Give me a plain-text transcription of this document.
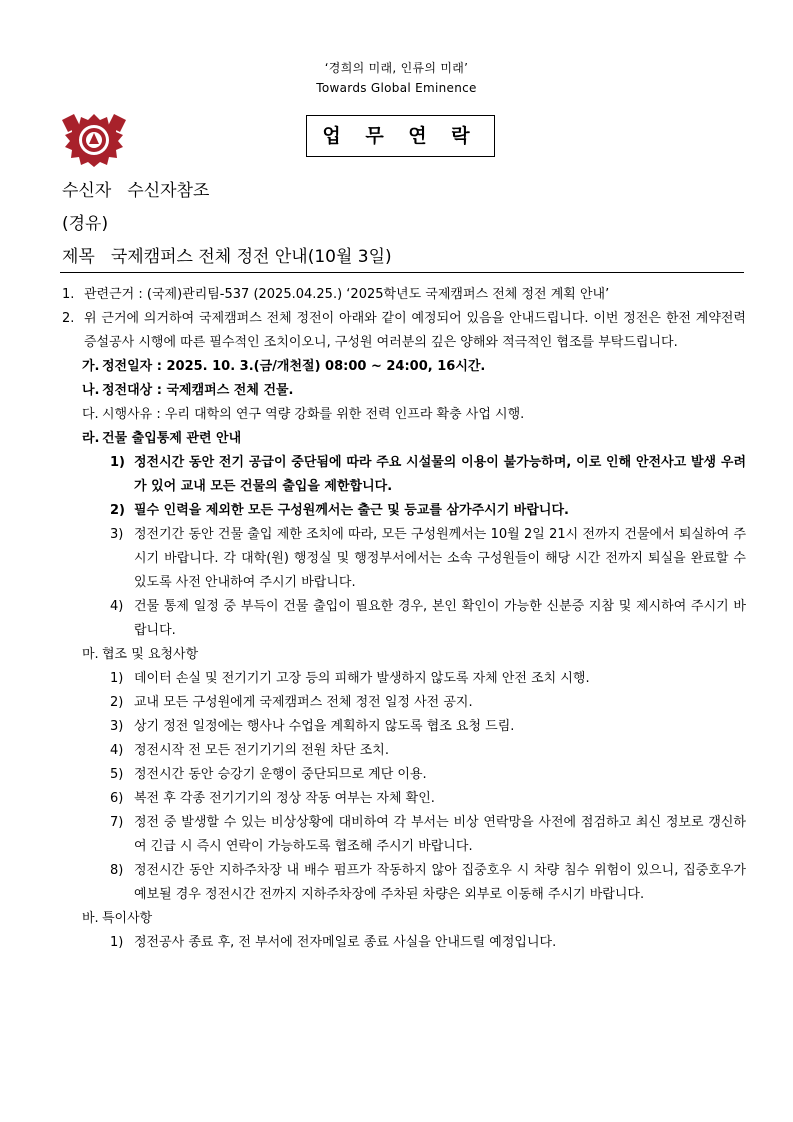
‘경희의 미래, 인류의 미래’
Towards Global Eminence
업 무 연 락
수신자 수신자참조
(경유)
제목 국제캠퍼스 전체 정전 안내(10월 3일)
1. 관련근거 : (국제)관리팀-537 (2025.04.25.) ‘2025학년도 국제캠퍼스 전체 정전 계획 안내’
2. 위 근거에 의거하여 국제캠퍼스 전체 정전이 아래와 같이 예정되어 있음을 안내드립니다. 이번 정전은 한전 계약전력 증설공사 시행에 따른 필수적인 조치이오니, 구성원 여러분의 깊은 양해와 적극적인 협조를 부탁드립니다.
가. 정전일자 : 2025. 10. 3.(금/개천절) 08:00 ~ 24:00, 16시간.
나. 정전대상 : 국제캠퍼스 전체 건물.
다. 시행사유 : 우리 대학의 연구 역량 강화를 위한 전력 인프라 확충 사업 시행.
라. 건물 출입통제 관련 안내
1) 정전시간 동안 전기 공급이 중단됨에 따라 주요 시설물의 이용이 불가능하며, 이로 인해 안전사고 발생 우려가 있어 교내 모든 건물의 출입을 제한합니다.
2) 필수 인력을 제외한 모든 구성원께서는 출근 및 등교를 삼가주시기 바랍니다.
3) 정전기간 동안 건물 출입 제한 조치에 따라, 모든 구성원께서는 10월 2일 21시 전까지 건물에서 퇴실하여 주시기 바랍니다. 각 대학(원) 행정실 및 행정부서에서는 소속 구성원들이 해당 시간 전까지 퇴실을 완료할 수 있도록 사전 안내하여 주시기 바랍니다.
4) 건물 통제 일정 중 부득이 건물 출입이 필요한 경우, 본인 확인이 가능한 신분증 지참 및 제시하여 주시기 바랍니다.
마. 협조 및 요청사항
1) 데이터 손실 및 전기기기 고장 등의 피해가 발생하지 않도록 자체 안전 조치 시행.
2) 교내 모든 구성원에게 국제캠퍼스 전체 정전 일정 사전 공지.
3) 상기 정전 일정에는 행사나 수업을 계획하지 않도록 협조 요청 드림.
4) 정전시작 전 모든 전기기기의 전원 차단 조치.
5) 정전시간 동안 승강기 운행이 중단되므로 계단 이용.
6) 복전 후 각종 전기기기의 정상 작동 여부는 자체 확인.
7) 정전 중 발생할 수 있는 비상상황에 대비하여 각 부서는 비상 연락망을 사전에 점검하고 최신 정보로 갱신하여 긴급 시 즉시 연락이 가능하도록 협조해 주시기 바랍니다.
8) 정전시간 동안 지하주차장 내 배수 펌프가 작동하지 않아 집중호우 시 차량 침수 위험이 있으니, 집중호우가 예보될 경우 정전시간 전까지 지하주차장에 주차된 차량은 외부로 이동해 주시기 바랍니다.
바. 특이사항
1) 정전공사 종료 후, 전 부서에 전자메일로 종료 사실을 안내드릴 예정입니다.
